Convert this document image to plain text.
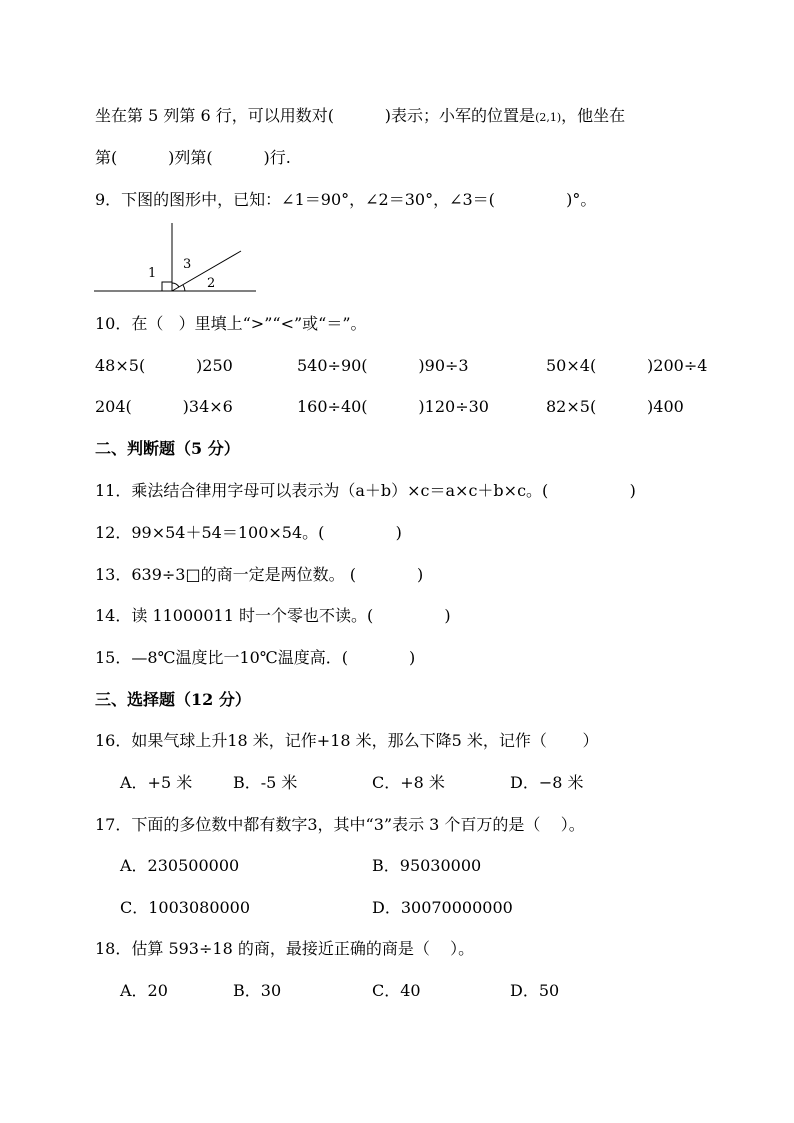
坐在第 5 列第 6 行，可以用数对(          )表示；小军的位置是(2,1)，他坐在
第(          )列第(          )行.
9．下图的图形中，已知：∠1＝90°，∠2＝30°，∠3＝(              )°。
1
3
2
10．在（   ）里填上“>”“<”或“＝”。
48×5(          )250	540÷90(          )90÷3	50×4(          )200÷4
204(          )34×6	160÷40(          )120÷30	82×5(          )400
二、判断题（5 分）
11．乘法结合律用字母可以表示为（a＋b）×c＝a×c＋b×c。(                )
12．99×54＋54＝100×54。(              )
13．639÷3□的商一定是两位数。 (            )
14．读 11000011 时一个零也不读。(              )
15．—8℃温度比一10℃温度高．(            )
三、选择题（12 分）
16．如果气球上升18 米，记作+18 米，那么下降5 米，记作（       ）
A．+5 米	B．-5 米	C．+8 米	D．−8 米
17．下面的多位数中都有数字3，其中“3”表示 3 个百万的是（    ）。
A．230500000	B．95030000
C．1003080000	D．30070000000
18．估算 593÷18 的商，最接近正确的商是（    ）。
A．20	B．30	C．40	D．50
